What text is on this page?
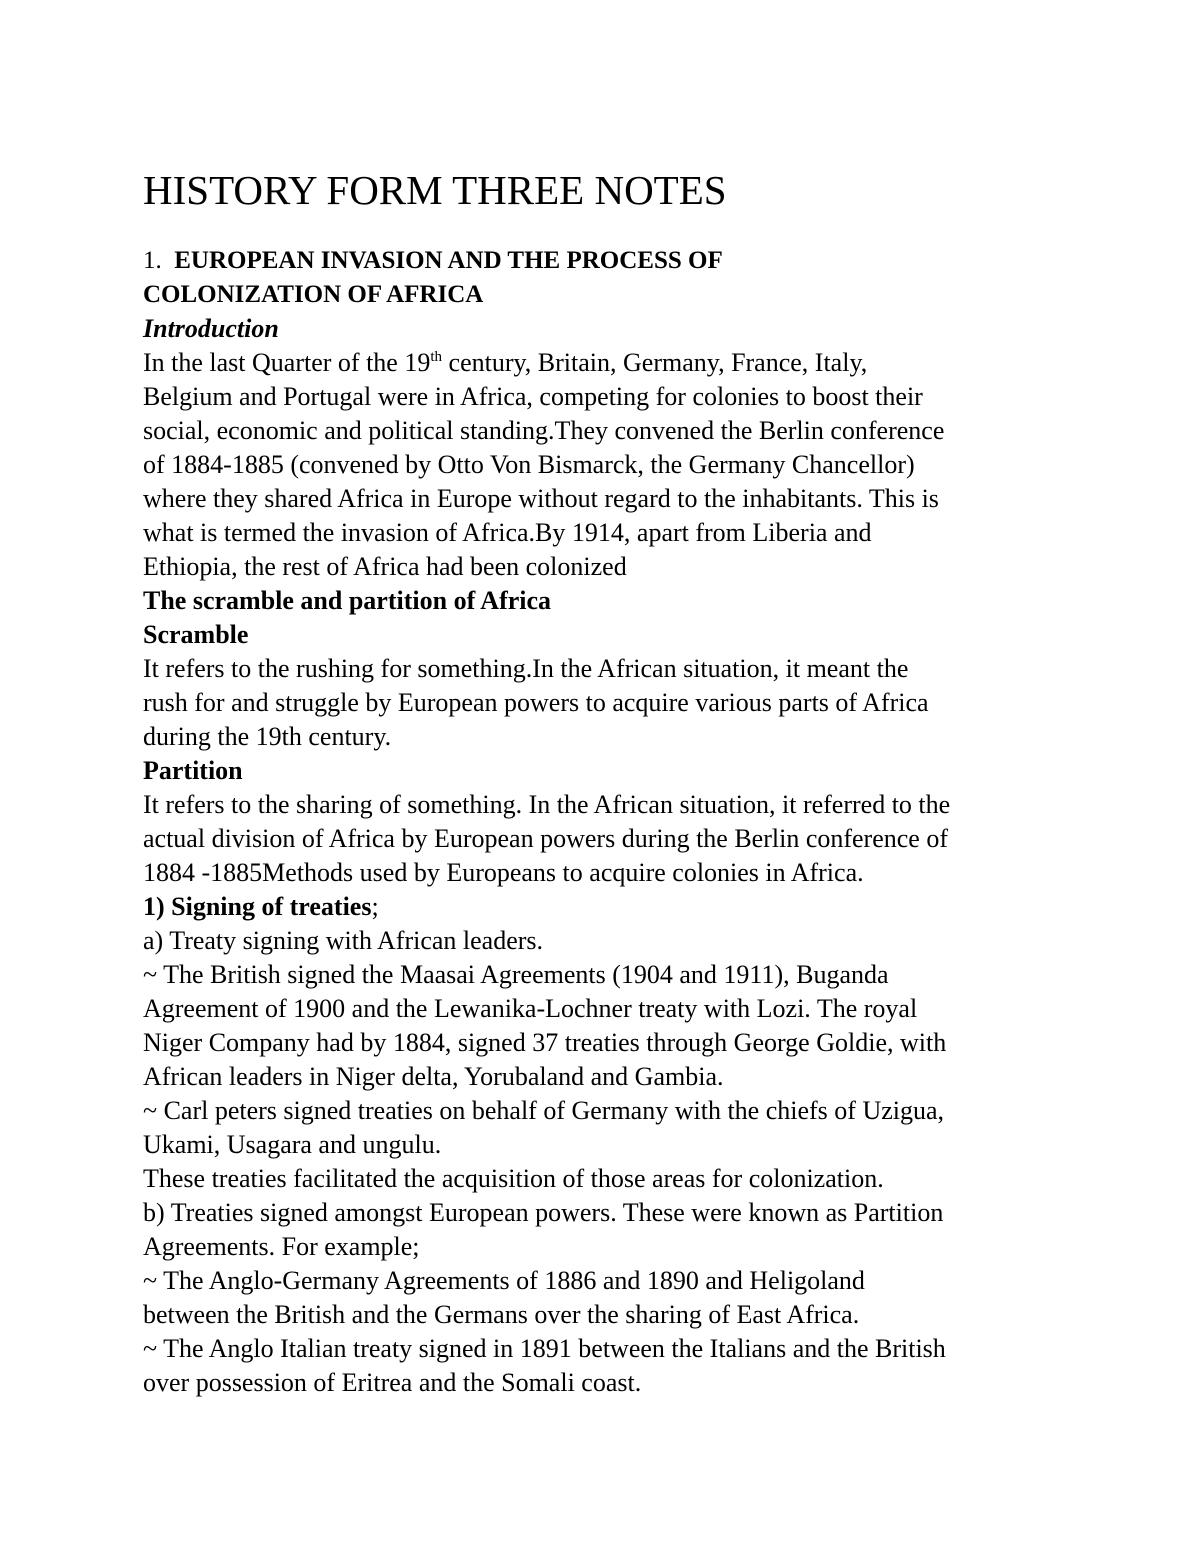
HISTORY FORM THREE NOTES
1. EUROPEAN INVASION AND THE PROCESS OF
COLONIZATION OF AFRICA
Introduction
In the last Quarter of the 19th century, Britain, Germany, France, Italy,
Belgium and Portugal were in Africa, competing for colonies to boost their
social, economic and political standing.They convened the Berlin conference
of 1884-1885 (convened by Otto Von Bismarck, the Germany Chancellor)
where they shared Africa in Europe without regard to the inhabitants. This is
what is termed the invasion of Africa.By 1914, apart from Liberia and
Ethiopia, the rest of Africa had been colonized
The scramble and partition of Africa
Scramble
It refers to the rushing for something.In the African situation, it meant the
rush for and struggle by European powers to acquire various parts of Africa
during the 19th century.
Partition
It refers to the sharing of something. In the African situation, it referred to the
actual division of Africa by European powers during the Berlin conference of
1884 -1885Methods used by Europeans to acquire colonies in Africa.
1) Signing of treaties;
a) Treaty signing with African leaders.
~ The British signed the Maasai Agreements (1904 and 1911), Buganda
Agreement of 1900 and the Lewanika-Lochner treaty with Lozi. The royal
Niger Company had by 1884, signed 37 treaties through George Goldie, with
African leaders in Niger delta, Yorubaland and Gambia.
~ Carl peters signed treaties on behalf of Germany with the chiefs of Uzigua,
Ukami, Usagara and ungulu.
These treaties facilitated the acquisition of those areas for colonization.
b) Treaties signed amongst European powers. These were known as Partition
Agreements. For example;
~ The Anglo-Germany Agreements of 1886 and 1890 and Heligoland
between the British and the Germans over the sharing of East Africa.
~ The Anglo Italian treaty signed in 1891 between the Italians and the British
over possession of Eritrea and the Somali coast.
